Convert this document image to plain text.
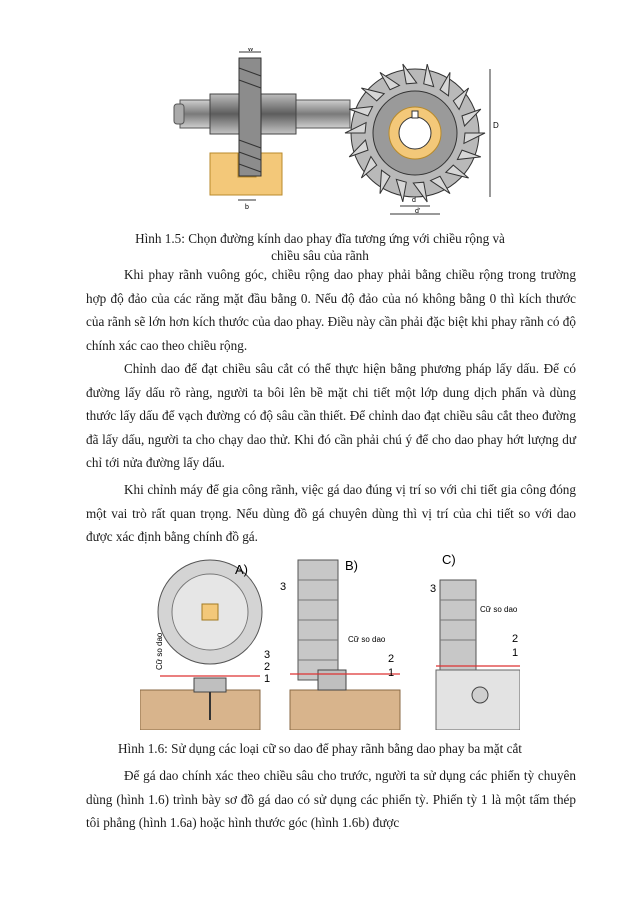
w
b
D
d
d'
Hình 1.5: Chọn đường kính dao phay đĩa tương ứng với chiều rộng và
chiều sâu của rãnh

Khi phay rãnh vuông góc, chiều rộng dao phay phải bằng chiều rộng trong trường hợp độ đảo của các răng mặt đầu bằng 0. Nếu độ đảo của nó không bằng 0 thì kích thước của rãnh sẽ lớn hơn kích thước của dao phay. Điều này cần phải đặc biệt khi phay rãnh có độ chính xác cao theo chiều rộng.

Chỉnh dao để đạt chiều sâu cắt có thể thực hiện bằng phương pháp lấy dấu. Để có đường lấy dấu rõ ràng, người ta bôi lên bề mặt chi tiết một lớp dung dịch phấn và dùng thước lấy dấu để vạch đường có độ sâu cần thiết. Để chỉnh dao đạt chiều sâu cắt theo đường đã lấy dấu, người ta cho chạy dao thử. Khi đó cần phải chú ý để cho dao phay hớt lượng dư chỉ tới nửa đường lấy dấu.

Khi chỉnh máy để gia công rãnh, việc gá dao đúng vị trí so với chi tiết gia công đóng một vai trò rất quan trọng. Nếu dùng đồ gá chuyên dùng thì vị trí của chi tiết so với dao được xác định bằng chính đồ gá.

A)
Cữ so dao	3
2
1
B)
3
Cữ so dao
2
1
C)
3
Cữ so dao
2
1
Hình 1.6: Sử dụng các loại cữ so dao để phay rãnh bằng dao phay ba mặt cắt

Để gá dao chính xác theo chiều sâu cho trước, người ta sử dụng các phiến tỳ chuyên dùng (hình 1.6) trình bày sơ đồ gá dao có sử dụng các phiến tỳ. Phiến tỳ 1 là một tấm thép tôi phẳng (hình 1.6a) hoặc hình thước góc (hình 1.6b) được
